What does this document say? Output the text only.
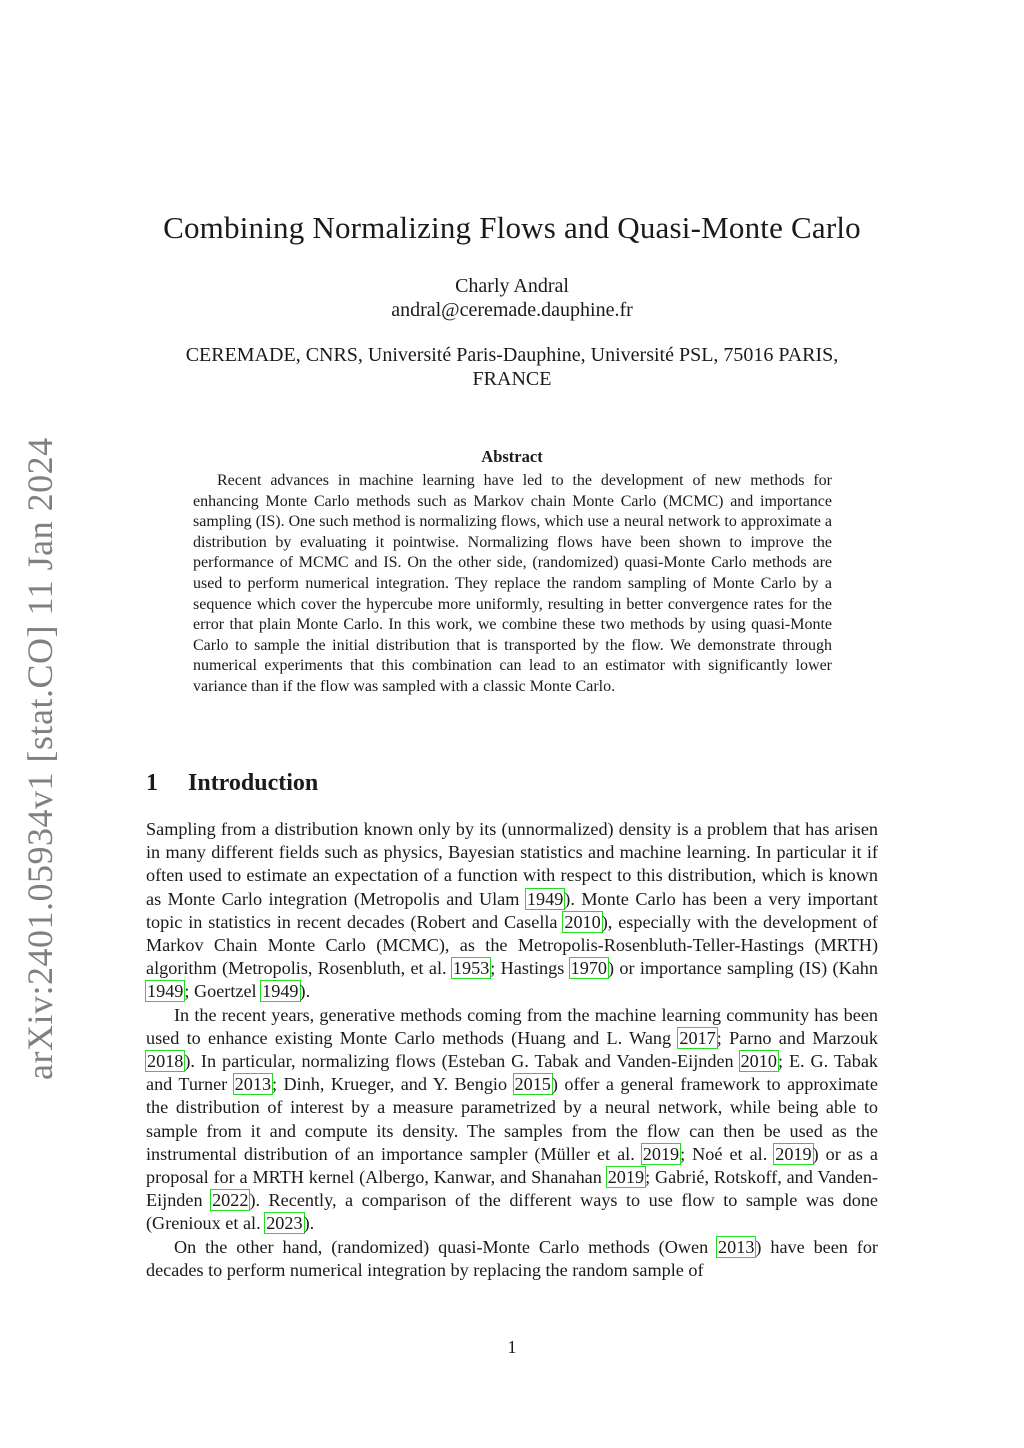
arXiv:2401.05934v1 [stat.CO] 11 Jan 2024
Combining Normalizing Flows and Quasi-Monte Carlo
Charly Andral
andral@ceremade.dauphine.fr
CEREMADE, CNRS, Université Paris-Dauphine, Université PSL, 75016 PARIS, FRANCE
Abstract

Recent advances in machine learning have led to the development of new methods for enhancing Monte Carlo methods such as Markov chain Monte Carlo (MCMC) and importance sampling (IS). One such method is normalizing flows, which use a neural network to approximate a distribution by evaluating it pointwise. Normalizing flows have been shown to improve the performance of MCMC and IS. On the other side, (randomized) quasi-Monte Carlo methods are used to perform numerical integration. They replace the random sampling of Monte Carlo by a sequence which cover the hypercube more uniformly, resulting in better convergence rates for the error that plain Monte Carlo. In this work, we combine these two methods by using quasi-Monte Carlo to sample the initial distribution that is transported by the flow. We demonstrate through numerical experiments that this combination can lead to an estimator with significantly lower variance than if the flow was sampled with a classic Monte Carlo.

1 Introduction

Sampling from a distribution known only by its (unnormalized) density is a problem that has arisen in many different fields such as physics, Bayesian statistics and machine learning. In particular it if often used to estimate an expectation of a function with respect to this distribution, which is known as Monte Carlo integration (Metropolis and Ulam 1949). Monte Carlo has been a very important topic in statistics in recent decades (Robert and Casella 2010), especially with the development of Markov Chain Monte Carlo (MCMC), as the Metropolis-Rosenbluth-Teller-Hastings (MRTH) algorithm (Metropolis, Rosenbluth, et al. 1953; Hastings 1970) or importance sampling (IS) (Kahn 1949; Goertzel 1949).

In the recent years, generative methods coming from the machine learning community has been used to enhance existing Monte Carlo methods (Huang and L. Wang 2017; Parno and Marzouk 2018). In particular, normalizing flows (Esteban G. Tabak and Vanden-Eijnden 2010; E. G. Tabak and Turner 2013; Dinh, Krueger, and Y. Bengio 2015) offer a general framework to approximate the distribution of interest by a measure parametrized by a neural network, while being able to sample from it and compute its density. The samples from the flow can then be used as the instrumental distribution of an importance sampler (Müller et al. 2019; Noé et al. 2019) or as a proposal for a MRTH kernel (Albergo, Kanwar, and Shanahan 2019; Gabrié, Rotskoff, and Vanden-Eijnden 2022). Recently, a comparison of the different ways to use flow to sample was done (Grenioux et al. 2023).

On the other hand, (randomized) quasi-Monte Carlo methods (Owen 2013) have been for decades to perform numerical integration by replacing the random sample of

1
